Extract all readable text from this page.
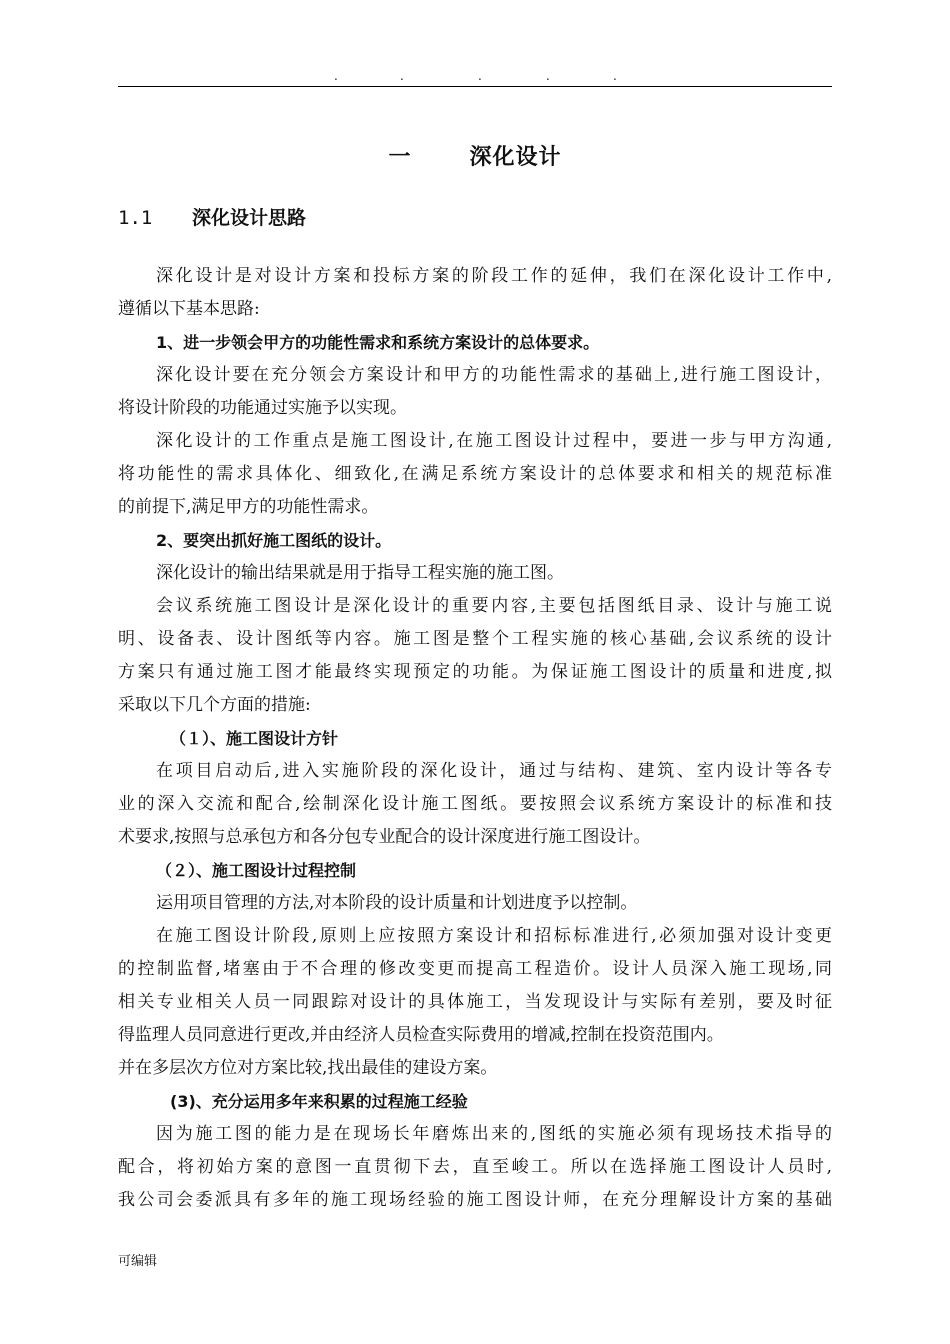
.	.	.	.	.
一	深化设计
1.1 深化设计思路
深化设计是对设计方案和投标方案的阶段工作的延伸，我们在深化设计工作中,
遵循以下基本思路:
1、进一步领会甲方的功能性需求和系统方案设计的总体要求。
深化设计要在充分领会方案设计和甲方的功能性需求的基础上,进行施工图设计，
将设计阶段的功能通过实施予以实现。
深化设计的工作重点是施工图设计,在施工图设计过程中，要进一步与甲方沟通,
将功能性的需求具体化、细致化,在满足系统方案设计的总体要求和相关的规范标准
的前提下,满足甲方的功能性需求。
2、要突出抓好施工图纸的设计。
深化设计的输出结果就是用于指导工程实施的施工图。
会议系统施工图设计是深化设计的重要内容,主要包括图纸目录、设计与施工说
明、设备表、设计图纸等内容。施工图是整个工程实施的核心基础,会议系统的设计
方案只有通过施工图才能最终实现预定的功能。为保证施工图设计的质量和进度,拟
采取以下几个方面的措施:
（１）、施工图设计方针
在项目启动后,进入实施阶段的深化设计，通过与结构、建筑、室内设计等各专
业的深入交流和配合,绘制深化设计施工图纸。要按照会议系统方案设计的标准和技
术要求,按照与总承包方和各分包专业配合的设计深度进行施工图设计。
（２）、施工图设计过程控制
运用项目管理的方法,对本阶段的设计质量和计划进度予以控制。
在施工图设计阶段,原则上应按照方案设计和招标标准进行,必须加强对设计变更
的控制监督,堵塞由于不合理的修改变更而提高工程造价。设计人员深入施工现场,同
相关专业相关人员一同跟踪对设计的具体施工，当发现设计与实际有差别，要及时征
得监理人员同意进行更改,并由经济人员检查实际费用的增减,控制在投资范围内。
并在多层次方位对方案比较,找出最佳的建设方案。
(3)、充分运用多年来积累的过程施工经验
因为施工图的能力是在现场长年磨炼出来的,图纸的实施必须有现场技术指导的
配合，将初始方案的意图一直贯彻下去，直至峻工。所以在选择施工图设计人员时,
我公司会委派具有多年的施工现场经验的施工图设计师，在充分理解设计方案的基础
可编辑
